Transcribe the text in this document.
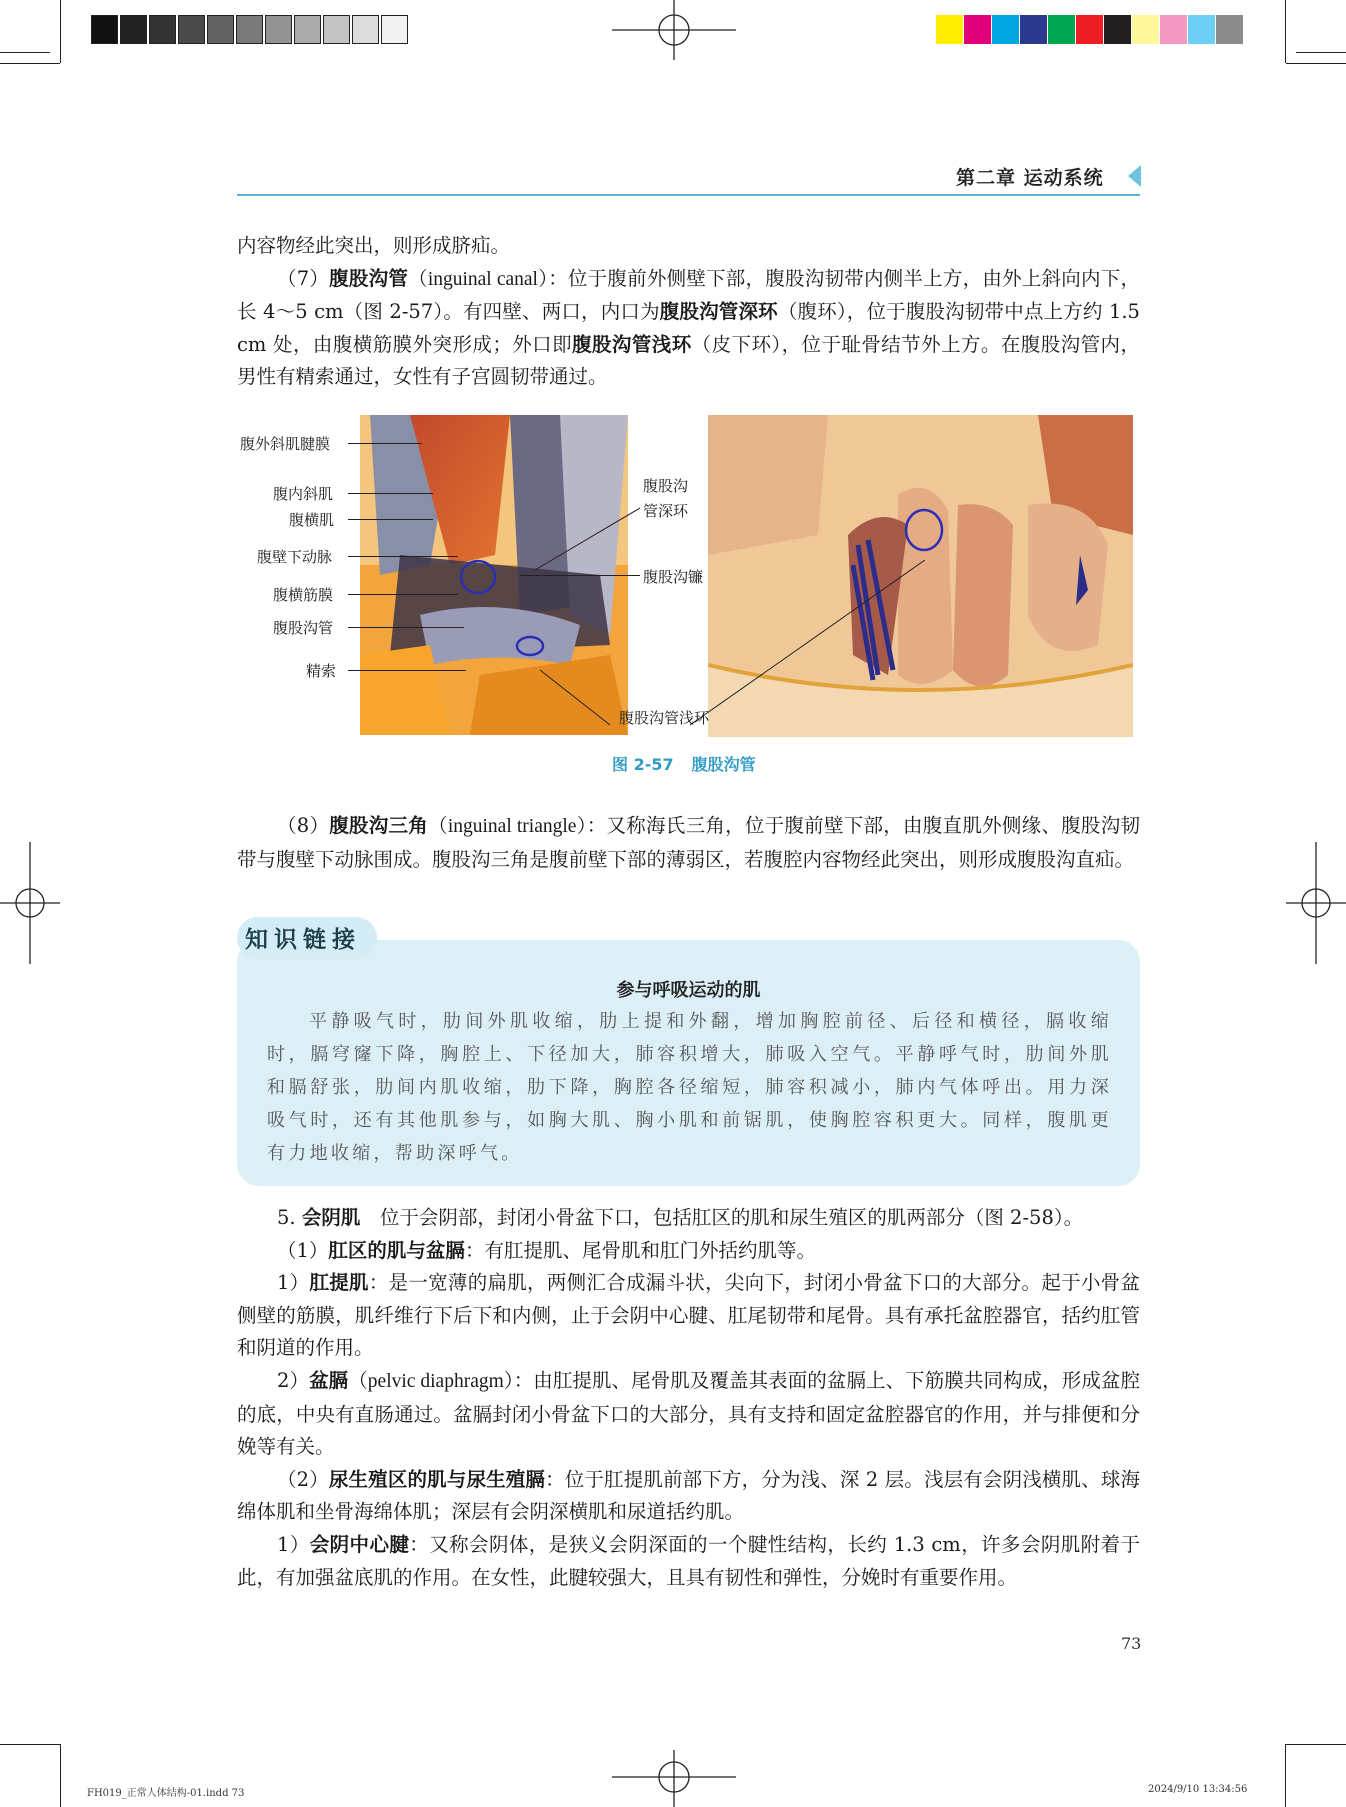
第二章 运动系统

内容物经此突出，则形成脐疝。

（7）腹股沟管（inguinal canal）：位于腹前外侧壁下部，腹股沟韧带内侧半上方，由外上斜向内下，长 4～5 cm（图 2-57）。有四壁、两口，内口为腹股沟管深环（腹环），位于腹股沟韧带中点上方约 1.5 cm 处，由腹横筋膜外突形成；外口即腹股沟管浅环（皮下环），位于耻骨结节外上方。在腹股沟管内，男性有精索通过，女性有子宫圆韧带通过。

腹外斜肌腱膜
腹内斜肌
腹横肌
腹壁下动脉
腹横筋膜
腹股沟管
精索
腹股沟
管深环
腹股沟镰
腹股沟管浅环
图 2-57 腹股沟管

（8）腹股沟三角（inguinal triangle）：又称海氏三角，位于腹前壁下部，由腹直肌外侧缘、腹股沟韧带与腹壁下动脉围成。腹股沟三角是腹前壁下部的薄弱区，若腹腔内容物经此突出，则形成腹股沟直疝。

知识链接
参与呼吸运动的肌

平静吸气时，肋间外肌收缩，肋上提和外翻，增加胸腔前径、后径和横径，膈收缩时，膈穹窿下降，胸腔上、下径加大，肺容积增大，肺吸入空气。平静呼气时，肋间外肌和膈舒张，肋间内肌收缩，肋下降，胸腔各径缩短，肺容积减小，肺内气体呼出。用力深吸气时，还有其他肌参与，如胸大肌、胸小肌和前锯肌，使胸腔容积更大。同样，腹肌更有力地收缩，帮助深呼气。

5. 会阴肌　 位于会阴部，封闭小骨盆下口，包括肛区的肌和尿生殖区的肌两部分（图 2-58）。

（1）肛区的肌与盆膈：有肛提肌、尾骨肌和肛门外括约肌等。

1）肛提肌：是一宽薄的扁肌，两侧汇合成漏斗状，尖向下，封闭小骨盆下口的大部分。起于小骨盆侧壁的筋膜，肌纤维行下后下和内侧，止于会阴中心腱、肛尾韧带和尾骨。具有承托盆腔器官，括约肛管和阴道的作用。

2）盆膈（pelvic diaphragm）：由肛提肌、尾骨肌及覆盖其表面的盆膈上、下筋膜共同构成，形成盆腔的底，中央有直肠通过。盆膈封闭小骨盆下口的大部分，具有支持和固定盆腔器官的作用，并与排便和分娩等有关。

（2）尿生殖区的肌与尿生殖膈：位于肛提肌前部下方，分为浅、深 2 层。浅层有会阴浅横肌、球海绵体肌和坐骨海绵体肌；深层有会阴深横肌和尿道括约肌。

1）会阴中心腱：又称会阴体，是狭义会阴深面的一个腱性结构，长约 1.3 cm，许多会阴肌附着于此，有加强盆底肌的作用。在女性，此腱较强大，且具有韧性和弹性，分娩时有重要作用。

73
FH019_正常人体结构-01.indd 73	2024/9/10 13:34:56
